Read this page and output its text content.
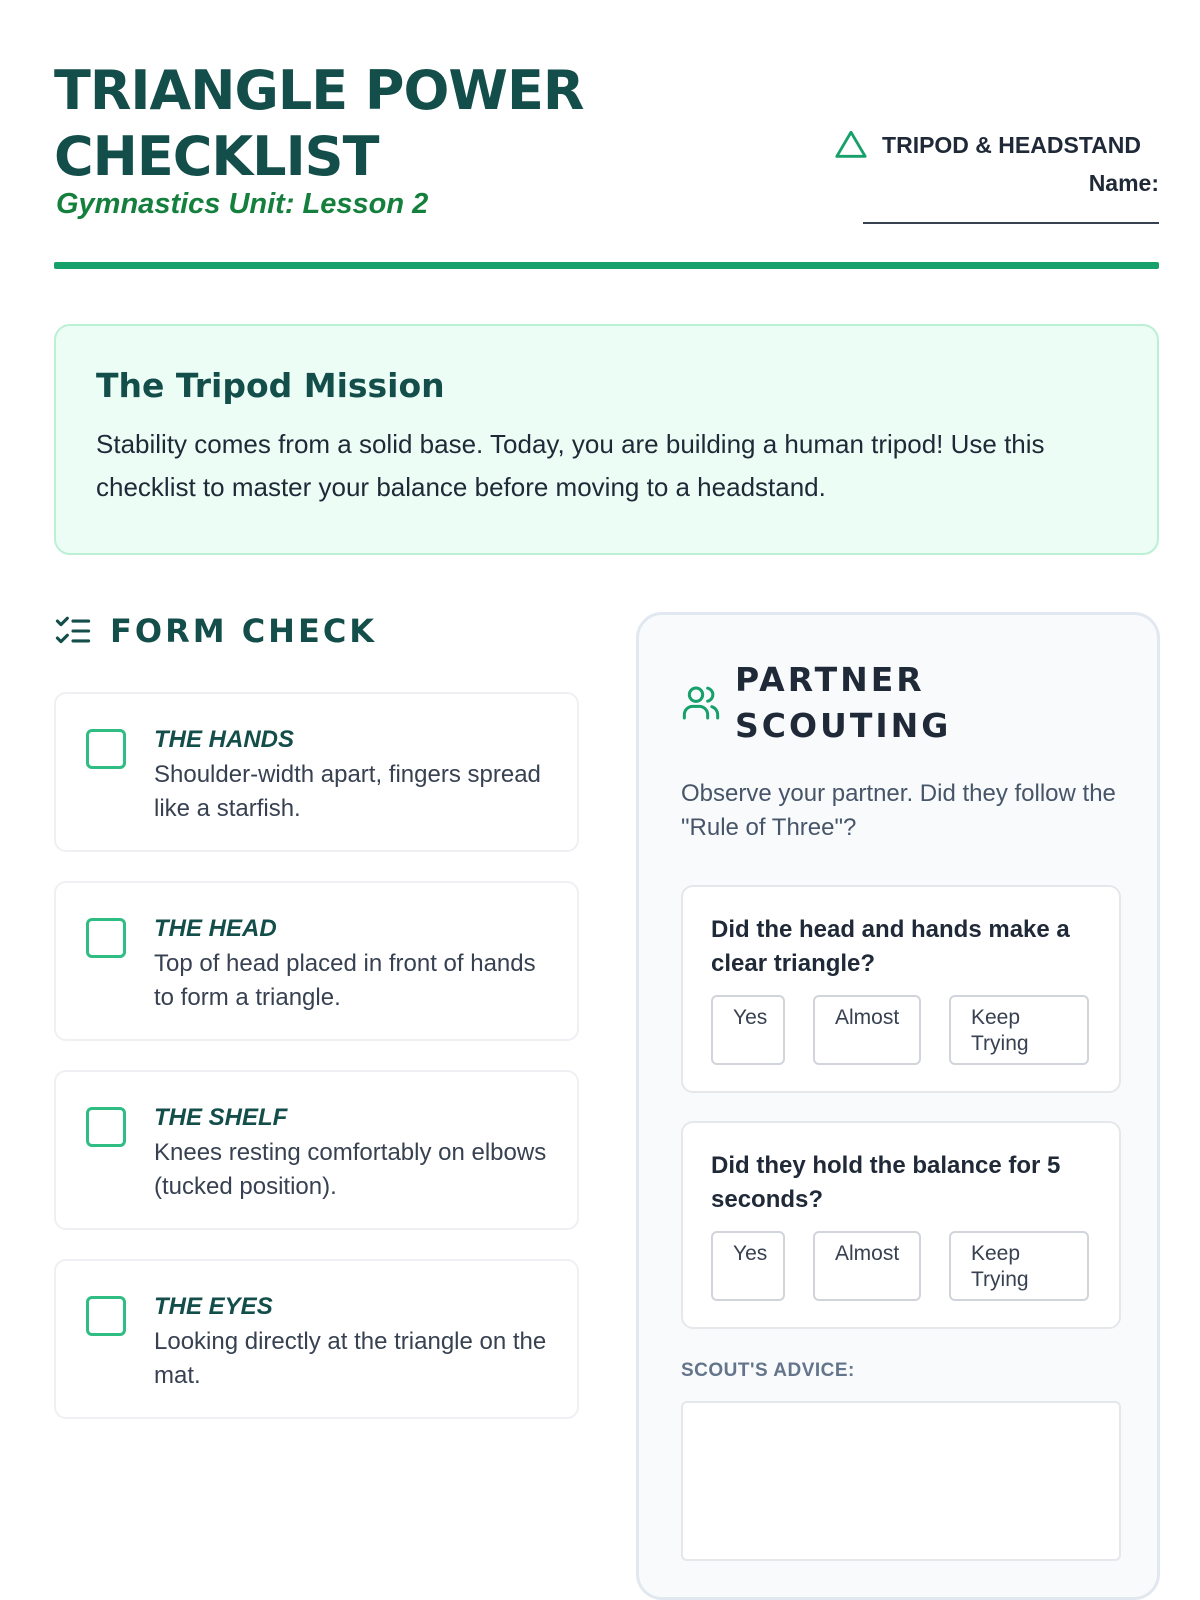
TRIANGLE POWER
CHECKLIST
Gymnastics Unit: Lesson 2
TRIPOD & HEADSTAND
Name:
The Tripod Mission

Stability comes from a solid base. Today, you are building a human tripod! Use this checklist to master your balance before moving to a headstand.

FORM CHECK
THE HANDS
Shoulder-width apart, fingers spread like a starfish.
THE HEAD
Top of head placed in front of hands to form a triangle.
THE SHELF
Knees resting comfortably on elbows (tucked position).
THE EYES
Looking directly at the triangle on the mat.
PARTNER SCOUTING
Observe your partner. Did they follow the "Rule of Three"?
Did the head and hands make a clear triangle?
Yes	Almost	Keep Trying
Did they hold the balance for 5 seconds?
Yes	Almost	Keep Trying
SCOUT'S ADVICE:
